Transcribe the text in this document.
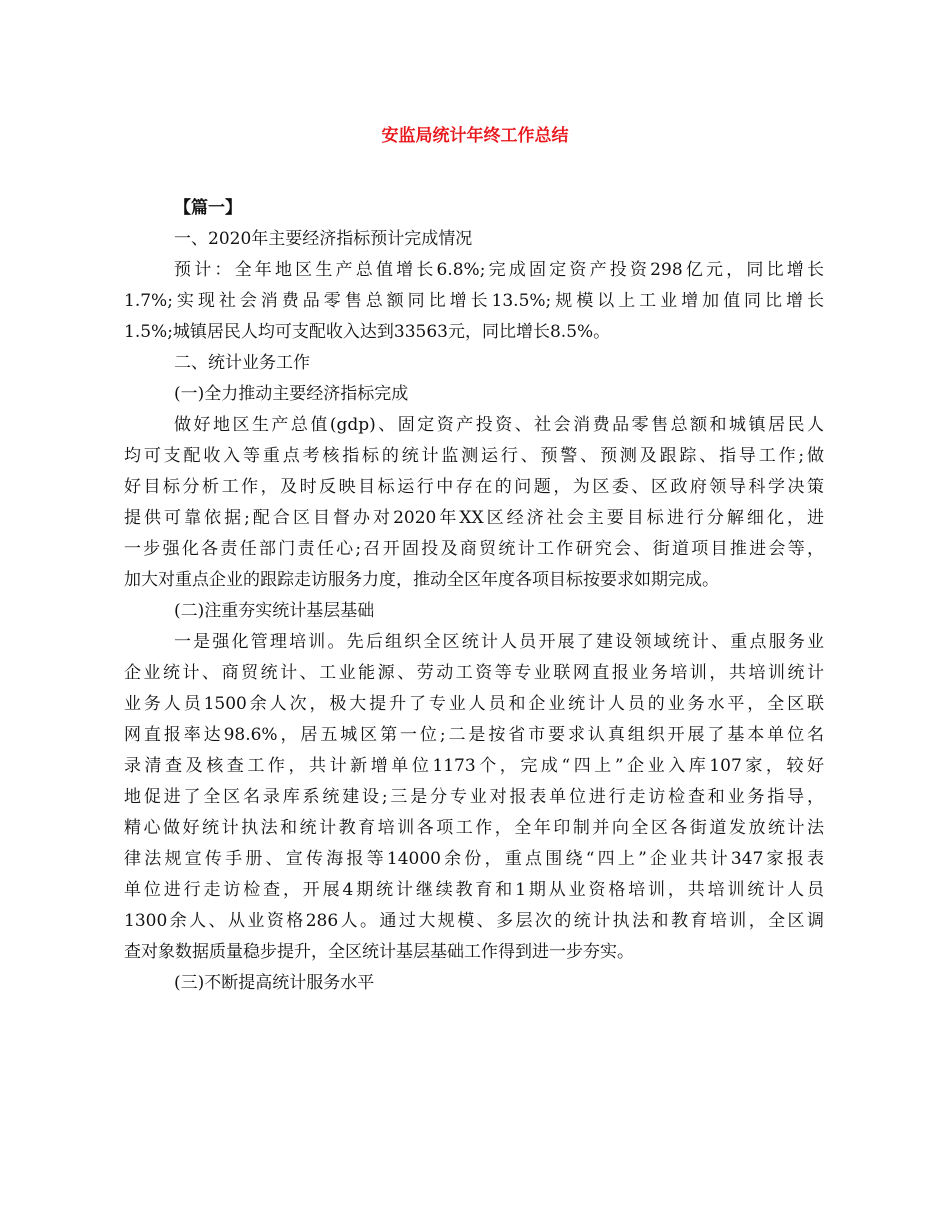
安监局统计年终工作总结
【篇一】
一、2020年主要经济指标预计完成情况
预计：全年地区生产总值增长6.8%;完成固定资产投资298亿元，同比增长
1.7%;实现社会消费品零售总额同比增长13.5%;规模以上工业增加值同比增长
1.5%;城镇居民人均可支配收入达到33563元，同比增长8.5%。
二、统计业务工作
(一)全力推动主要经济指标完成
做好地区生产总值(gdp)、固定资产投资、社会消费品零售总额和城镇居民人
均可支配收入等重点考核指标的统计监测运行、预警、预测及跟踪、指导工作;做
好目标分析工作，及时反映目标运行中存在的问题，为区委、区政府领导科学决策
提供可靠依据;配合区目督办对2020年XX区经济社会主要目标进行分解细化，进
一步强化各责任部门责任心;召开固投及商贸统计工作研究会、街道项目推进会等，
加大对重点企业的跟踪走访服务力度，推动全区年度各项目标按要求如期完成。
(二)注重夯实统计基层基础
一是强化管理培训。先后组织全区统计人员开展了建设领域统计、重点服务业
企业统计、商贸统计、工业能源、劳动工资等专业联网直报业务培训，共培训统计
业务人员1500余人次，极大提升了专业人员和企业统计人员的业务水平，全区联
网直报率达98.6%，居五城区第一位;二是按省市要求认真组织开展了基本单位名
录清查及核查工作，共计新增单位1173个，完成“四上”企业入库107家，较好
地促进了全区名录库系统建设;三是分专业对报表单位进行走访检查和业务指导，
精心做好统计执法和统计教育培训各项工作，全年印制并向全区各街道发放统计法
律法规宣传手册、宣传海报等14000余份，重点围绕“四上”企业共计347家报表
单位进行走访检查，开展4期统计继续教育和1期从业资格培训，共培训统计人员
1300余人、从业资格286人。通过大规模、多层次的统计执法和教育培训，全区调
查对象数据质量稳步提升，全区统计基层基础工作得到进一步夯实。
(三)不断提高统计服务水平
